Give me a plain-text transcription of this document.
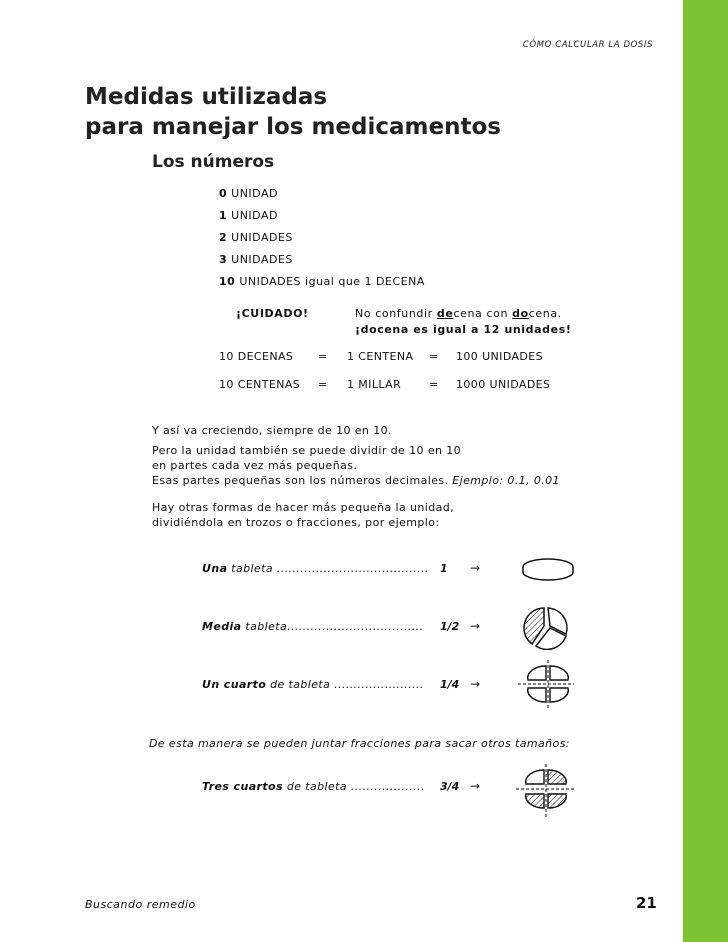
CÓMO CALCULAR LA DOSIS
Medidas utilizadas
para manejar los medicamentos
Los números
0 UNIDAD
1 UNIDAD
2 UNIDADES
3 UNIDADES
10 UNIDADES igual que 1 DECENA
¡CUIDADO!	No confundir decena con docena.
¡docena es igual a 12 unidades!
10 DECENAS = 1 CENTENA = 100 UNIDADES
10 CENTENAS = 1 MILLAR	= 1000 UNIDADES
Y así va creciendo, siempre de 10 en 10.
Pero la unidad también se puede dividir de 10 en 10
en partes cada vez más pequeñas.
Esas partes pequeñas son los números decimales. Ejemplo: 0.1, 0.01
Hay otras formas de hacer más pequeña la unidad,
dividiéndola en trozos o fracciones, por ejemplo:
Una tableta ....................................... 1 →
Media tableta................................... 1/2 →
Un cuarto de tableta ....................... 1/4 →
De esta manera se pueden juntar fracciones para sacar otros tamaños:
Tres cuartos de tableta ................... 3/4 →
Buscando remedio	21
